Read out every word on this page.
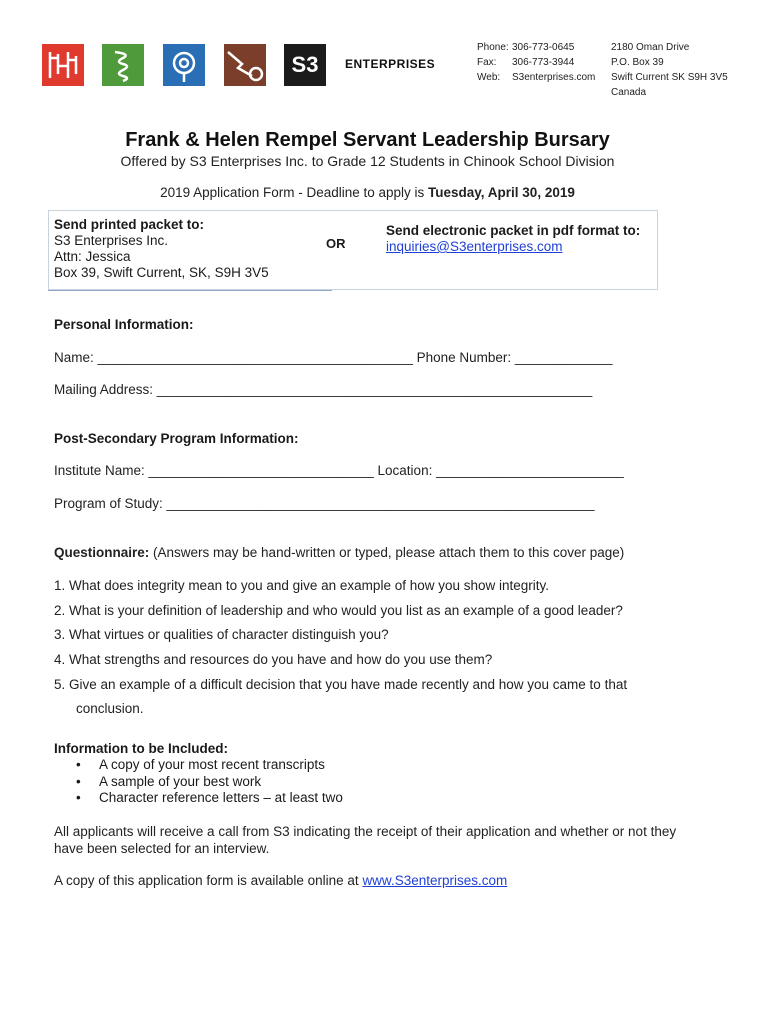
S3 ENTERPRISES
Phone: 306-773-0645
Fax:	306-773-3944
Web:	S3enterprises.com
2180 Oman Drive
P.O. Box 39
Swift Current SK S9H 3V5
Canada
Frank & Helen Rempel Servant Leadership Bursary
Offered by S3 Enterprises Inc. to Grade 12 Students in Chinook School Division
2019 Application Form - Deadline to apply is Tuesday, April 30, 2019
Send printed packet to:
S3 Enterprises Inc.
Attn: Jessica
Box 39, Swift Current, SK, S9H 3V5
OR
Send electronic packet in pdf format to:
inquiries@S3enterprises.com
Personal Information:
Name: __________________________________________ Phone Number: _____________
Mailing Address: __________________________________________________________
Post-Secondary Program Information:
Institute Name: ______________________________ Location: _________________________
Program of Study: _________________________________________________________
Questionnaire: (Answers may be hand-written or typed, please attach them to this cover page)
1. What does integrity mean to you and give an example of how you show integrity.
2. What is your definition of leadership and who would you list as an example of a good leader?
3. What virtues or qualities of character distinguish you?
4. What strengths and resources do you have and how do you use them?
5. Give an example of a difficult decision that you have made recently and how you came to that
conclusion.
Information to be Included:
•	A copy of your most recent transcripts
•	A sample of your best work
•	Character reference letters – at least two
All applicants will receive a call from S3 indicating the receipt of their application and whether or not they have been selected for an interview.
A copy of this application form is available online at www.S3enterprises.com
